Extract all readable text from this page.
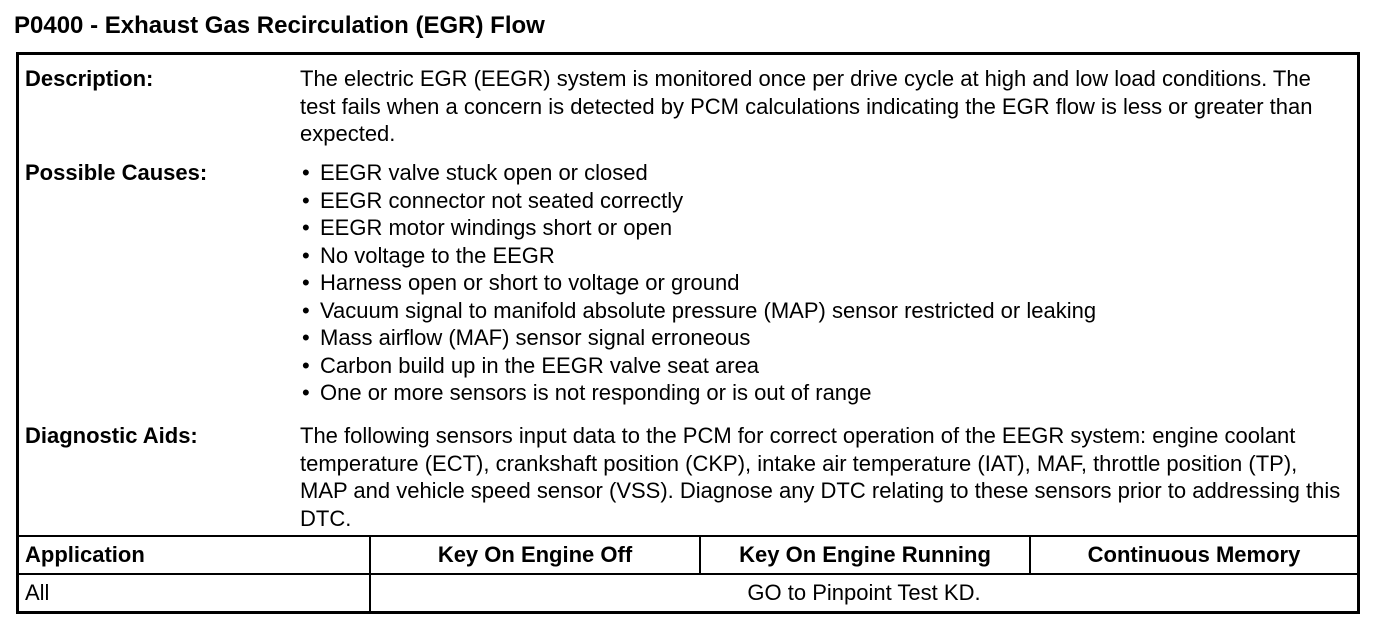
P0400 - Exhaust Gas Recirculation (EGR) Flow
Description:	The electric EGR (EEGR) system is monitored once per drive cycle at high and low load conditions. The test fails when a concern is detected by PCM calculations indicating the EGR flow is less or greater than expected.

Possible Causes:	• EEGR valve stuck open or closed
• EEGR connector not seated correctly
• EEGR motor windings short or open
• No voltage to the EEGR
• Harness open or short to voltage or ground
• Vacuum signal to manifold absolute pressure (MAP) sensor restricted or leaking
• Mass airflow (MAF) sensor signal erroneous
• Carbon build up in the EEGR valve seat area
• One or more sensors is not responding or is out of range
Diagnostic Aids:	The following sensors input data to the PCM for correct operation of the EEGR system: engine coolant temperature (ECT), crankshaft position (CKP), intake air temperature (IAT), MAF, throttle position (TP), MAP and vehicle speed sensor (VSS). Diagnose any DTC relating to these sensors prior to addressing this DTC.

Application	Key On Engine Off	Key On Engine Running	Continuous Memory
All	GO to Pinpoint Test KD.		
